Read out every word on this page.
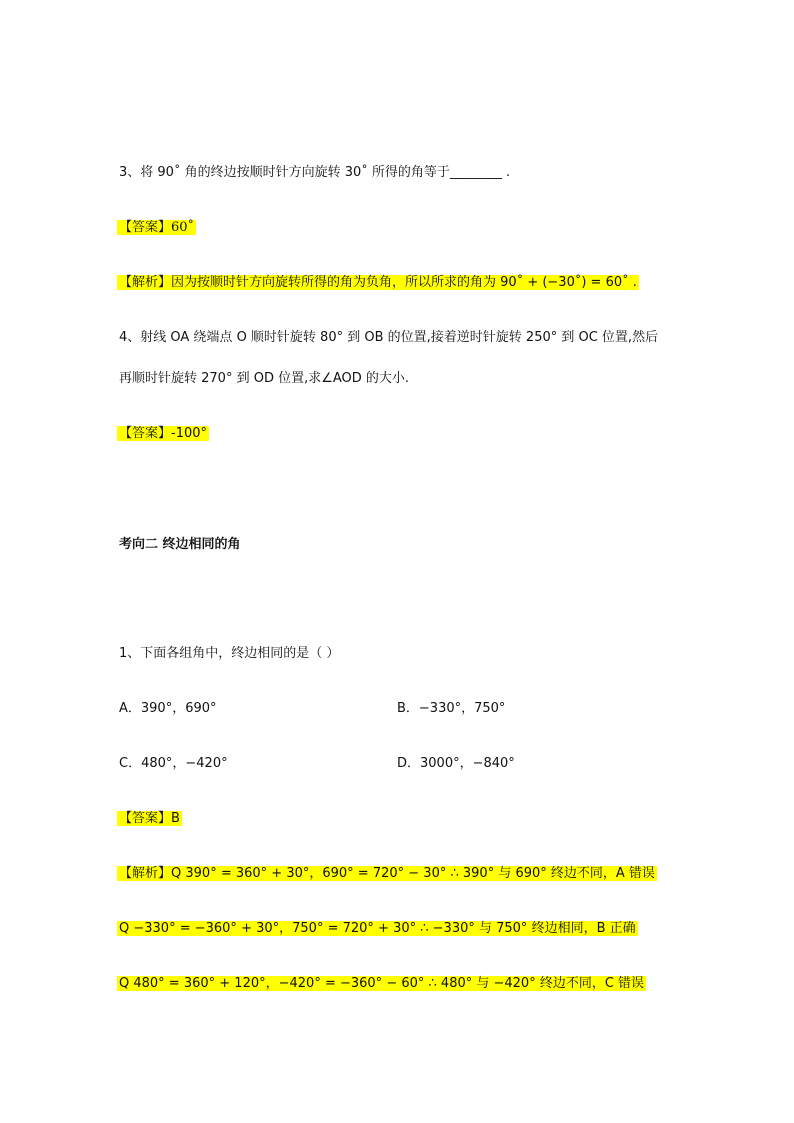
3、将 90˚ 角的终边按顺时针方向旋转 30˚ 所得的角等于________ .
【答案】60˚
【解析】因为按顺时针方向旋转所得的角为负角，所以所求的角为 90˚ + (−30˚) = 60˚ .
4、射线 OA 绕端点 O 顺时针旋转 80° 到 OB 的位置,接着逆时针旋转 250° 到 OC 位置,然后
再顺时针旋转 270° 到 OD 位置,求∠AOD 的大小.
【答案】-100°
考向二 终边相同的角
1、下面各组角中，终边相同的是（ ）
A．390°，690°	B．−330°，750°
C．480°，−420°	D．3000°，−840°
【答案】B
【解析】Q 390° = 360° + 30°，690° = 720° − 30° ∴ 390° 与 690° 终边不同，A 错误
Q −330° = −360° + 30°，750° = 720° + 30° ∴ −330° 与 750° 终边相同，B 正确
Q 480° = 360° + 120°，−420° = −360° − 60° ∴ 480° 与 −420° 终边不同，C 错误
